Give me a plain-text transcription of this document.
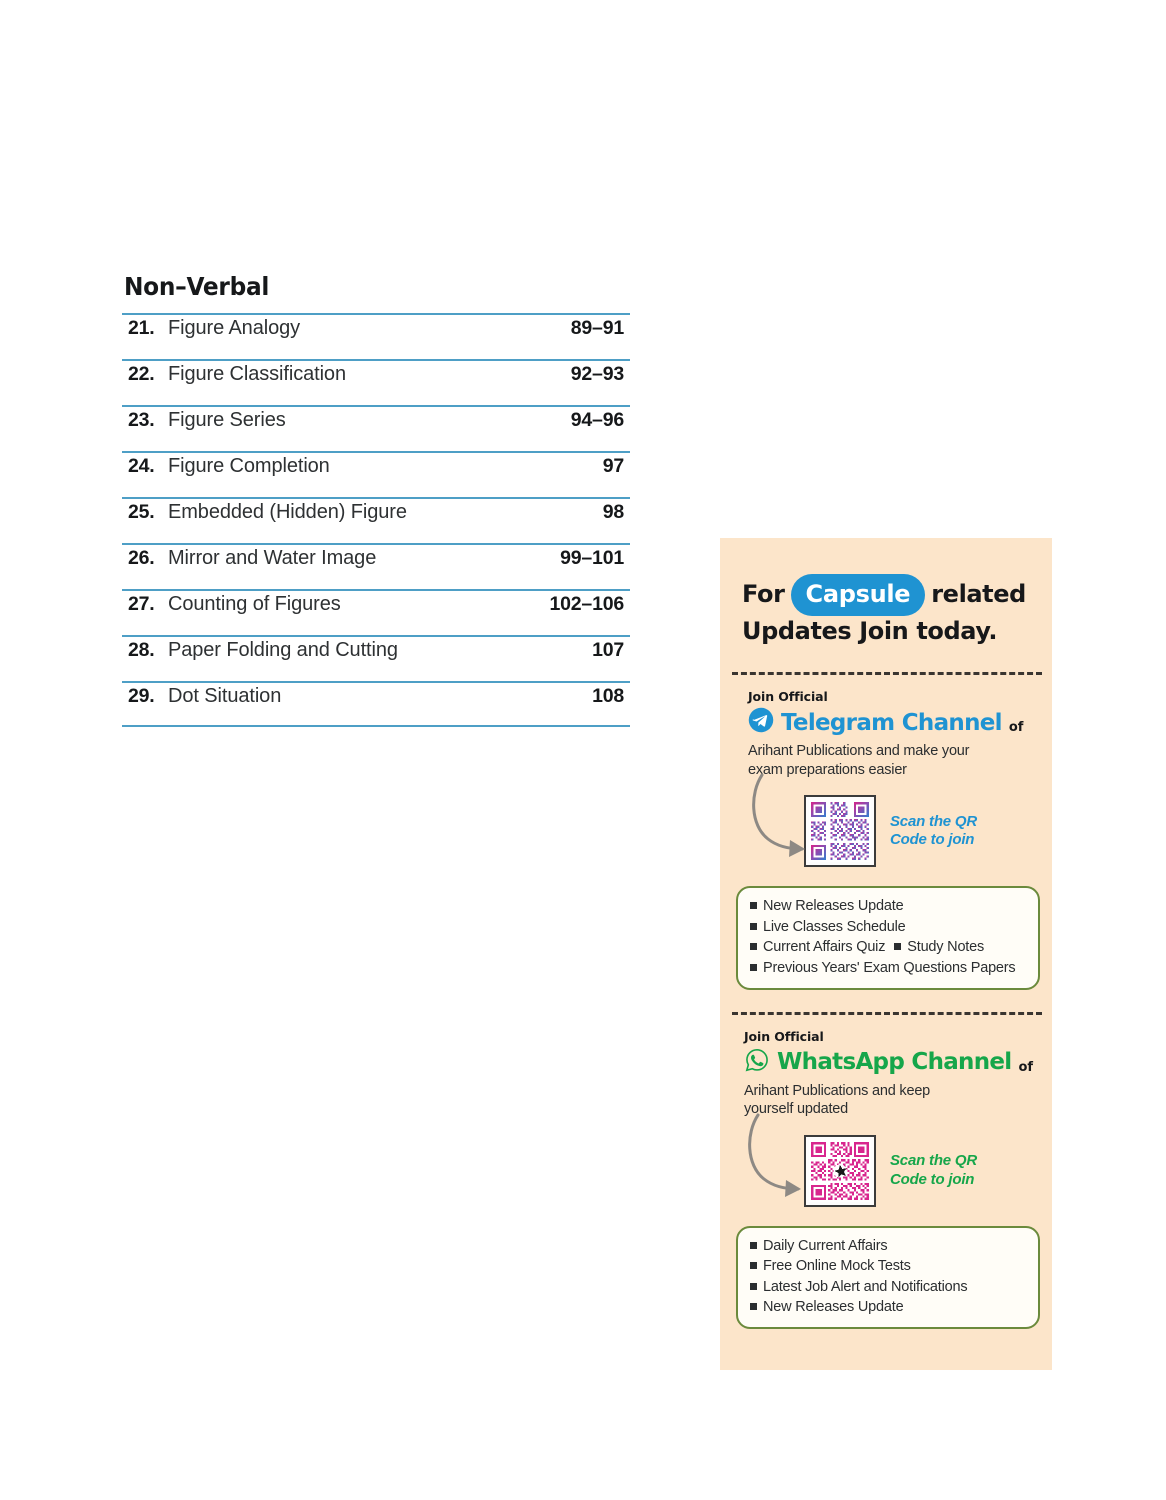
Non–Verbal
21. Figure Analogy	89–91
22. Figure Classification	92–93
23. Figure Series	94–96
24. Figure Completion	97
25. Embedded (Hidden) Figure	98
26. Mirror and Water Image	99–101
27. Counting of Figures	102–106
28. Paper Folding and Cutting	107
29. Dot Situation	108
For Capsule related
Updates Join today.
Join Official
Telegram Channel of
Arihant Publications and make your
exam preparations easier
Scan the QR
Code to join
New Releases Update
Live Classes Schedule
Current Affairs Quiz Study Notes
Previous Years' Exam Questions Papers
Join Official
WhatsApp Channel of
Arihant Publications and keep
yourself updated
Scan the QR
Code to join
Daily Current Affairs
Free Online Mock Tests
Latest Job Alert and Notifications
New Releases Update
